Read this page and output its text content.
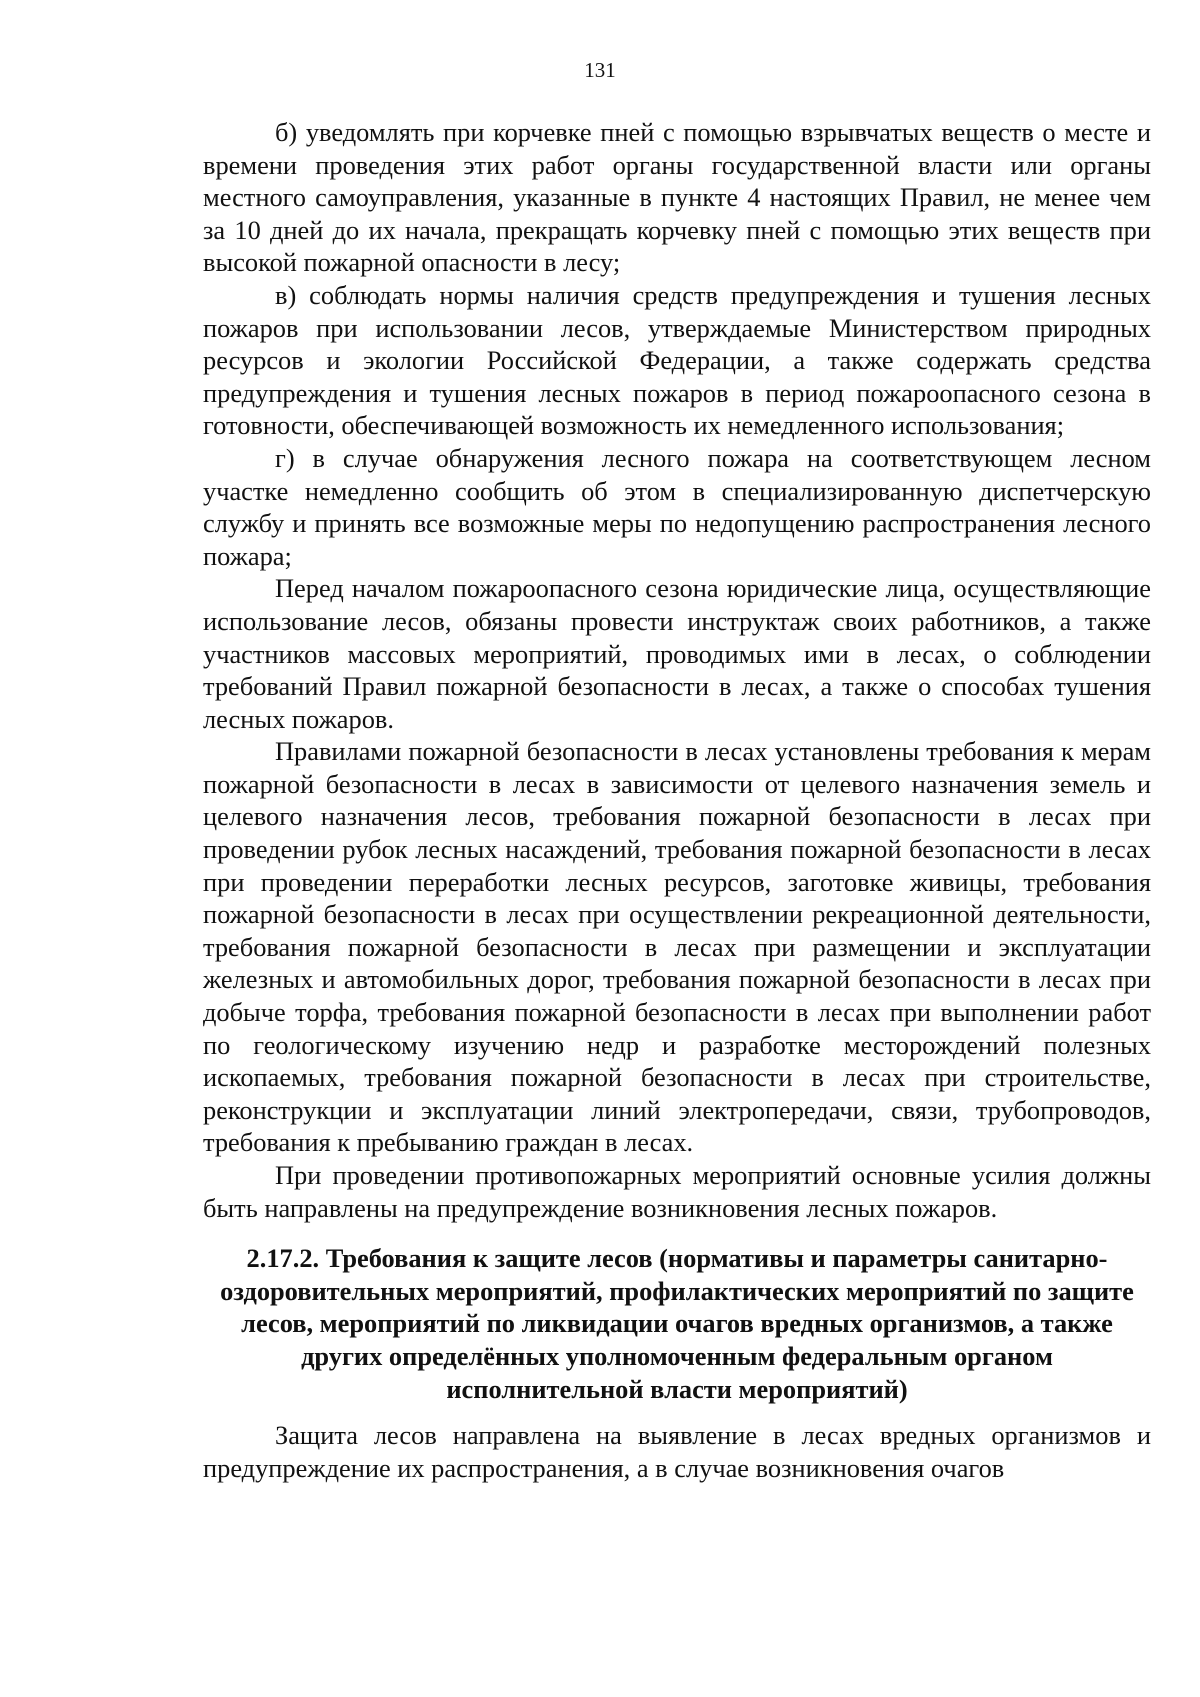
131

б) уведомлять при корчевке пней с помощью взрывчатых веществ о месте и времени проведения этих работ органы государственной власти или органы местного самоуправления, указанные в пункте 4 настоящих Правил, не менее чем за 10 дней до их начала, прекращать корчевку пней с помощью этих веществ при высокой пожарной опасности в лесу;

в) соблюдать нормы наличия средств предупреждения и тушения лесных пожаров при использовании лесов, утверждаемые Министерством природных ресурсов и экологии Российской Федерации, а также содержать средства предупреждения и тушения лесных пожаров в период пожароопасного сезона в готовности, обеспечивающей возможность их немедленного использования;

г) в случае обнаружения лесного пожара на соответствующем лесном участке немедленно сообщить об этом в специализированную диспетчерскую службу и принять все возможные меры по недопущению распространения лесного пожара;

Перед началом пожароопасного сезона юридические лица, осуществляющие использование лесов, обязаны провести инструктаж своих работников, а также участников массовых мероприятий, проводимых ими в лесах, о соблюдении требований Правил пожарной безопасности в лесах, а также о способах тушения лесных пожаров.

Правилами пожарной безопасности в лесах установлены требования к мерам пожарной безопасности в лесах в зависимости от целевого назначения земель и целевого назначения лесов, требования пожарной безопасности в лесах при проведении рубок лесных насаждений, требования пожарной безопасности в лесах при проведении переработки лесных ресурсов, заготовке живицы, требования пожарной безопасности в лесах при осуществлении рекреационной деятельности, требования пожарной безопасности в лесах при размещении и эксплуатации железных и автомобильных дорог, требования пожарной безопасности в лесах при добыче торфа, требования пожарной безопасности в лесах при выполнении работ по геологическому изучению недр и разработке месторождений полезных ископаемых, требования пожарной безопасности в лесах при строительстве, реконструкции и эксплуатации линий электропередачи, связи, трубопроводов, требования к пребыванию граждан в лесах.

При проведении противопожарных мероприятий основные усилия должны быть направлены на предупреждение возникновения лесных пожаров.

2.17.2. Требования к защите лесов (нормативы и параметры санитарно-оздоровительных мероприятий, профилактических мероприятий по защите лесов, мероприятий по ликвидации очагов вредных организмов, а также других определённых уполномоченным федеральным органом исполнительной власти мероприятий)

Защита лесов направлена на выявление в лесах вредных организмов и предупреждение их распространения, а в случае возникновения очагов
